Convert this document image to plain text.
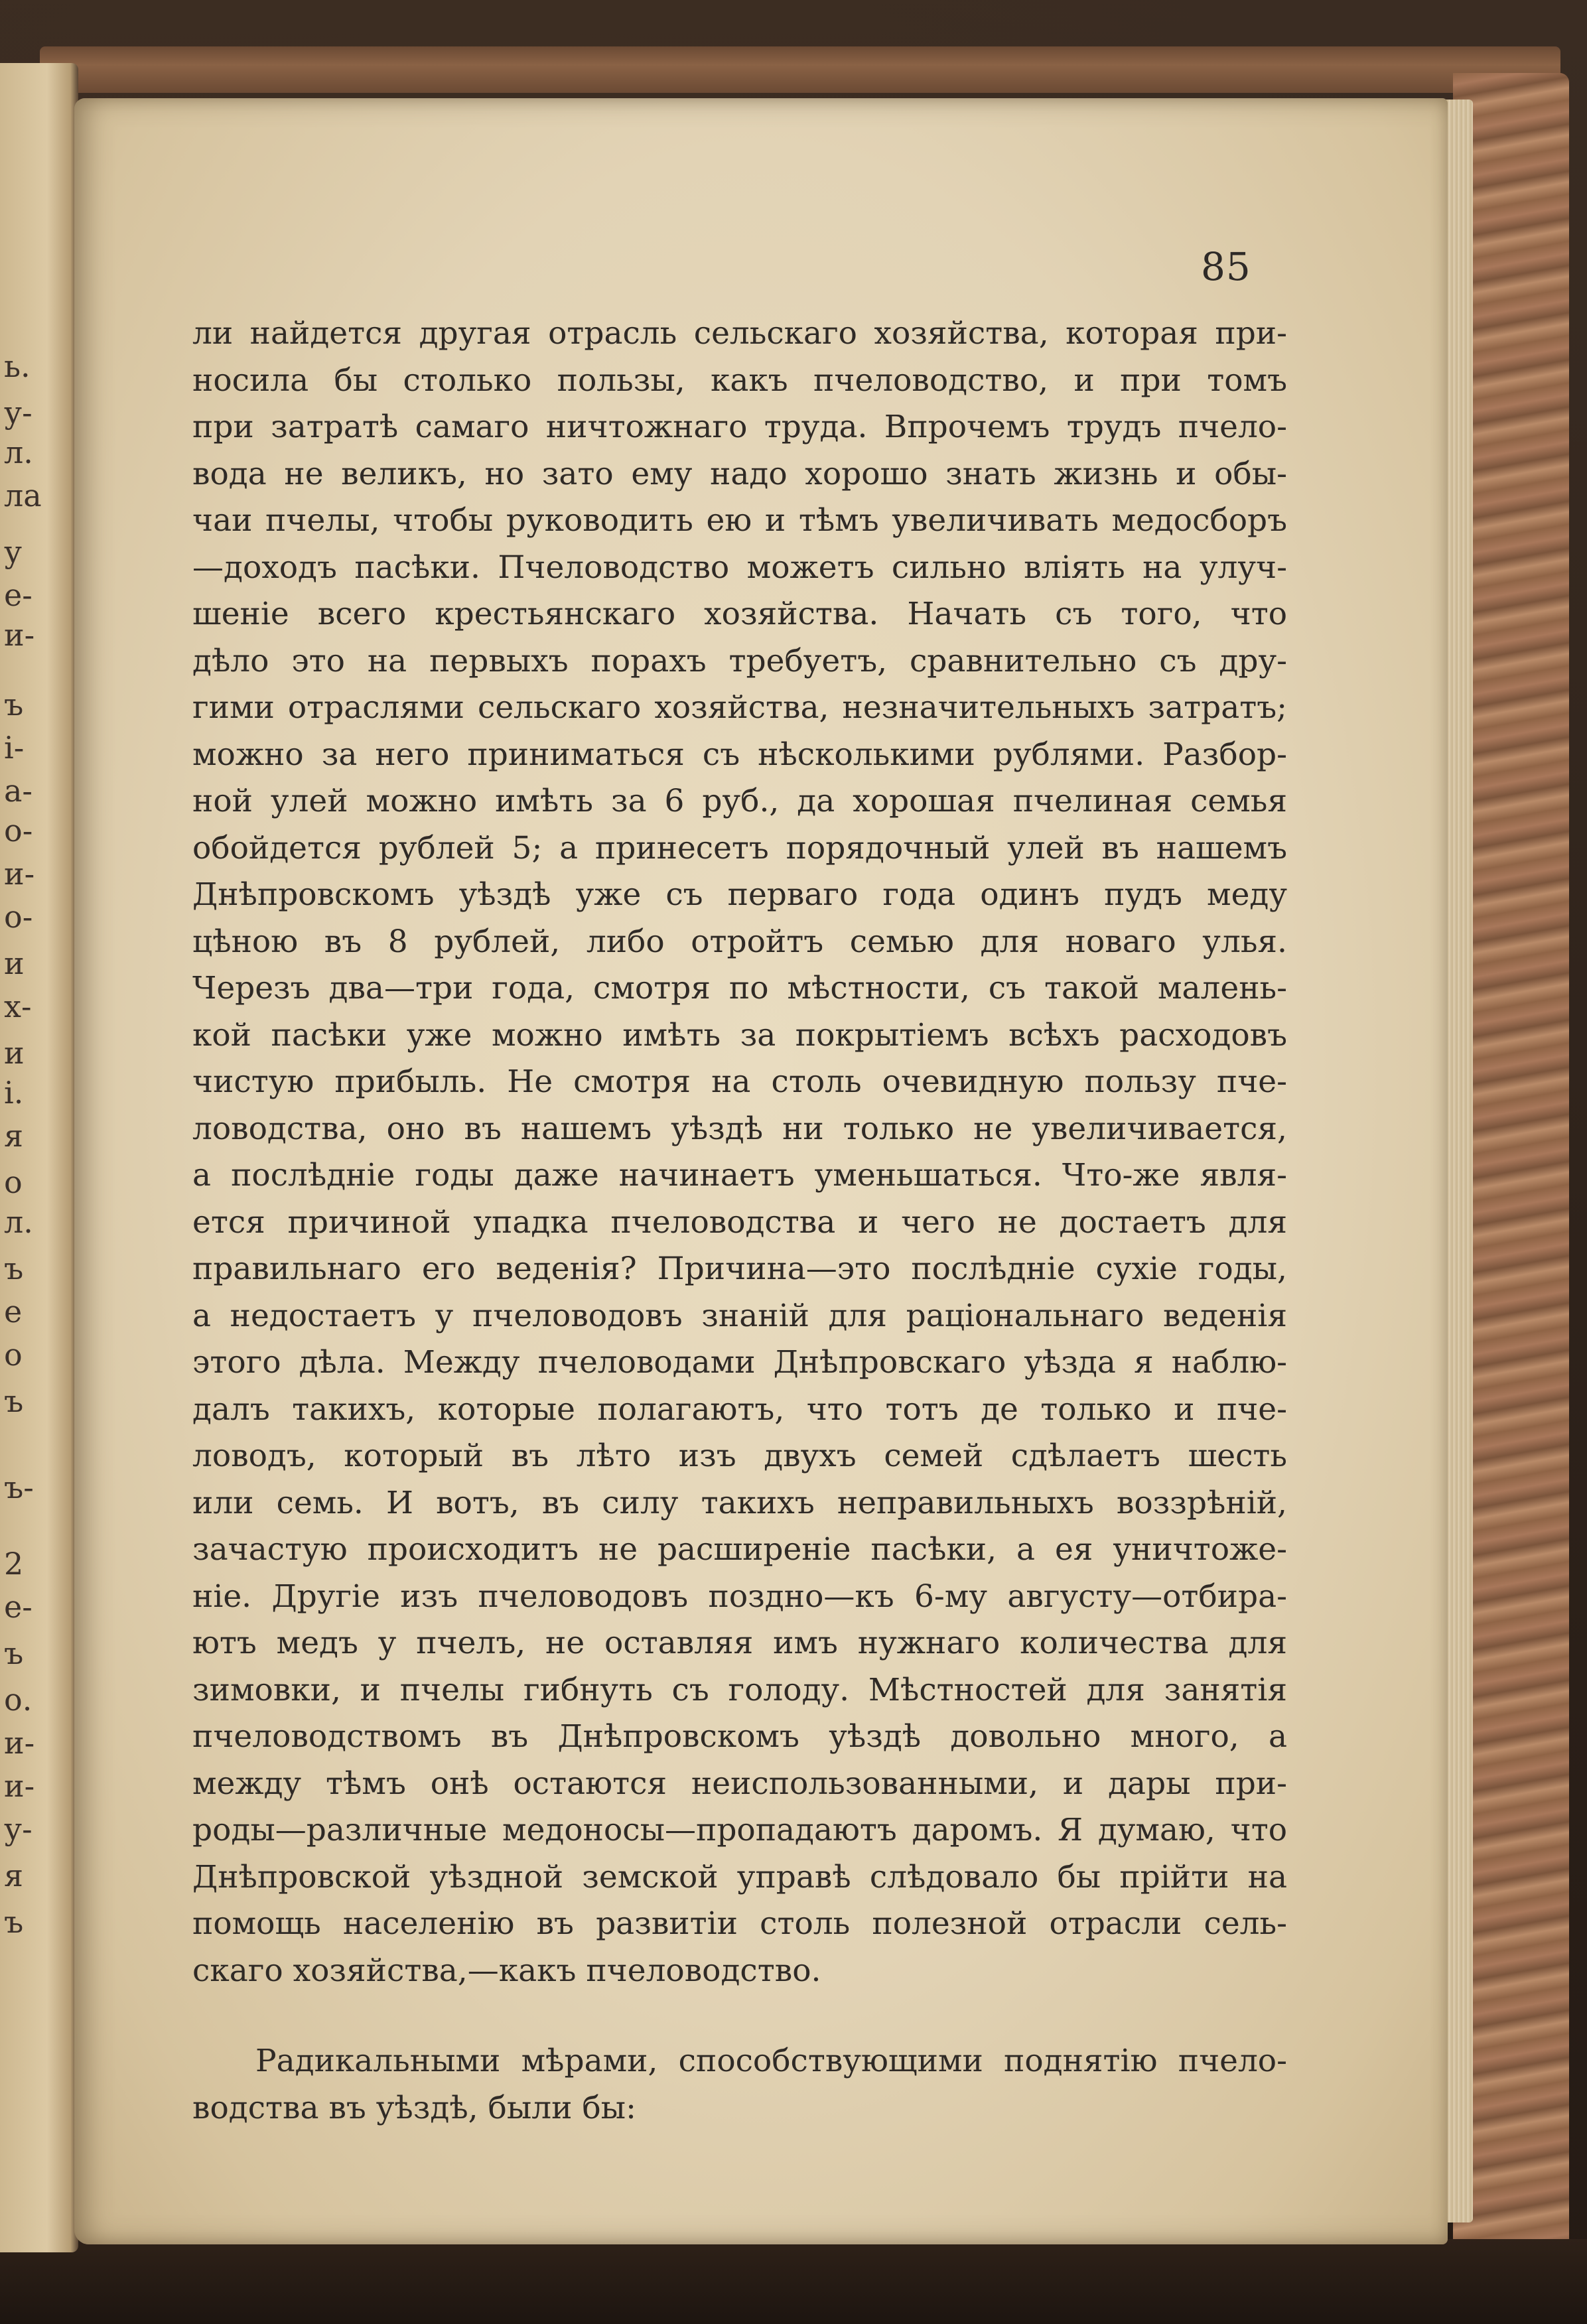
ь.
у-
л.
ла
у
е-
и-
ъ
і-
а-
о-
и-
о-
и
х-
и
і.
я
о
л.
ъ
е
о
ъ
ъ-
2
е-
ъ
о.
и-
и-
у-
я
ъ
85
ли найдется другая отрасль сельскаго хозяйства, которая при-
носила бы столько пользы, какъ пчеловодство, и при томъ
при затратѣ самаго ничтожнаго труда. Впрочемъ трудъ пчело-
вода не великъ, но зато ему надо хорошо знать жизнь и обы-
чаи пчелы, чтобы руководить ею и тѣмъ увеличивать медосборъ
—доходъ пасѣки. Пчеловодство можетъ сильно вліять на улуч-
шеніе всего крестьянскаго хозяйства. Начать съ того, что
дѣло это на первыхъ порахъ требуетъ, сравнительно съ дру-
гими отраслями сельскаго хозяйства, незначительныхъ затратъ;
можно за него приниматься съ нѣсколькими рублями. Разбор-
ной улей можно имѣть за 6 руб., да хорошая пчелиная семья
обойдется рублей 5; а принесетъ порядочный улей въ нашемъ
Днѣпровскомъ уѣздѣ уже съ перваго года одинъ пудъ меду
цѣною въ 8 рублей, либо отройтъ семью для новаго улья.
Черезъ два—три года, смотря по мѣстности, съ такой малень-
кой пасѣки уже можно имѣть за покрытіемъ всѣхъ расходовъ
чистую прибыль. Не смотря на столь очевидную пользу пче-
ловодства, оно въ нашемъ уѣздѣ ни только не увеличивается,
а послѣдніе годы даже начинаетъ уменьшаться. Что-же явля-
ется причиной упадка пчеловодства и чего не достаетъ для
правильнаго его веденія? Причина—это послѣдніе сухіе годы,
а недостаетъ у пчеловодовъ знаній для раціональнаго веденія
этого дѣла. Между пчеловодами Днѣпровскаго уѣзда я наблю-
далъ такихъ, которые полагаютъ, что тотъ де только и пче-
ловодъ, который въ лѣто изъ двухъ семей сдѣлаетъ шесть
или семь. И вотъ, въ силу такихъ неправильныхъ воззрѣній,
зачастую происходитъ не расширеніе пасѣки, а ея уничтоже-
ніе. Другіе изъ пчеловодовъ поздно—къ 6-му августу—отбира-
ютъ медъ у пчелъ, не оставляя имъ нужнаго количества для
зимовки, и пчелы гибнуть съ голоду. Мѣстностей для занятія
пчеловодствомъ въ Днѣпровскомъ уѣздѣ довольно много, а
между тѣмъ онѣ остаются неиспользованными, и дары при-
роды—различные медоносы—пропадаютъ даромъ. Я думаю, что
Днѣпровской уѣздной земской управѣ слѣдовало бы прійти на
помощь населенію въ развитіи столь полезной отрасли сель-
скаго хозяйства,—какъ пчеловодство.
Радикальными мѣрами, способствующими поднятію пчело-
водства въ уѣздѣ, были бы:
